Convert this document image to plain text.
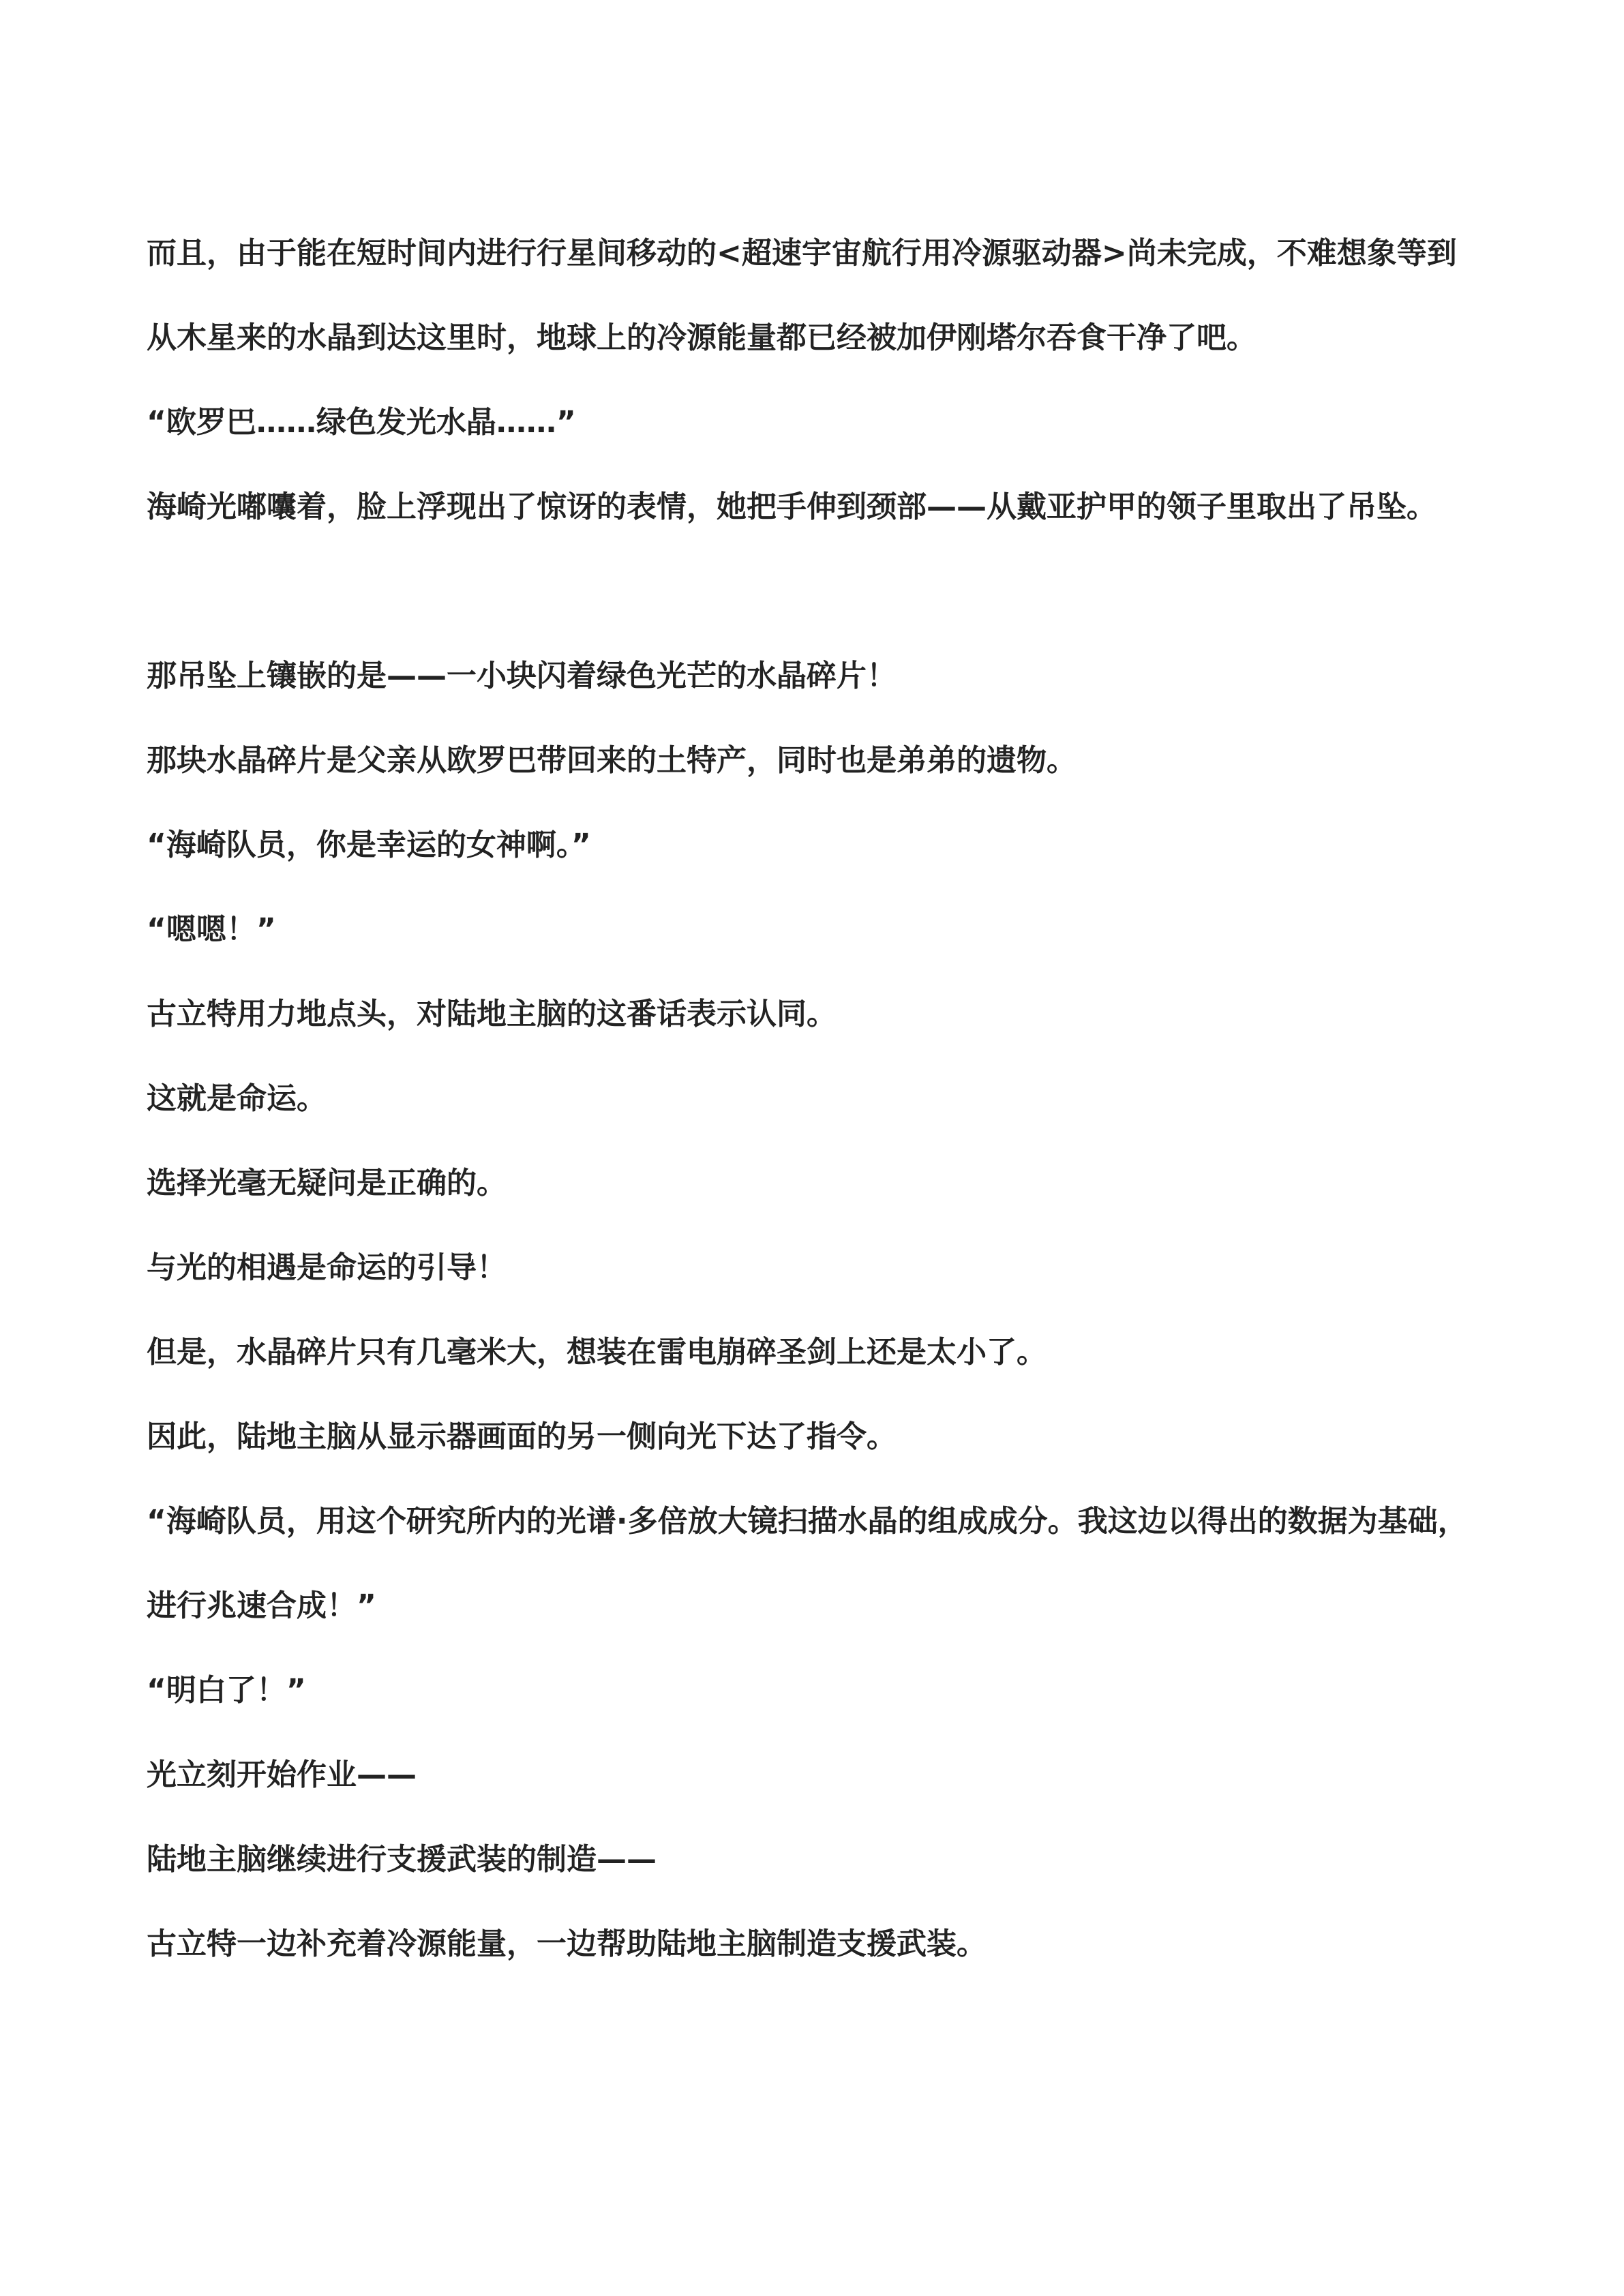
而且，由于能在短时间内进行行星间移动的<超速宇宙航行用冷源驱动器>尚未完成，不难想象等到从木星来的水晶到达这里时，地球上的冷源能量都已经被加伊刚塔尔吞食干净了吧。

“欧罗巴……绿色发光水晶……”

海崎光嘟囔着，脸上浮现出了惊讶的表情，她把手伸到颈部——从戴亚护甲的领子里取出了吊坠。

那吊坠上镶嵌的是——一小块闪着绿色光芒的水晶碎片！

那块水晶碎片是父亲从欧罗巴带回来的土特产，同时也是弟弟的遗物。

“海崎队员，你是幸运的女神啊。”

“嗯嗯！”

古立特用力地点头，对陆地主脑的这番话表示认同。

这就是命运。

选择光毫无疑问是正确的。

与光的相遇是命运的引导！

但是，水晶碎片只有几毫米大，想装在雷电崩碎圣剑上还是太小了。

因此，陆地主脑从显示器画面的另一侧向光下达了指令。

“海崎队员，用这个研究所内的光谱·多倍放大镜扫描水晶的组成成分。我这边以得出的数据为基础，进行兆速合成！”

“明白了！”

光立刻开始作业——

陆地主脑继续进行支援武装的制造——

古立特一边补充着冷源能量，一边帮助陆地主脑制造支援武装。
